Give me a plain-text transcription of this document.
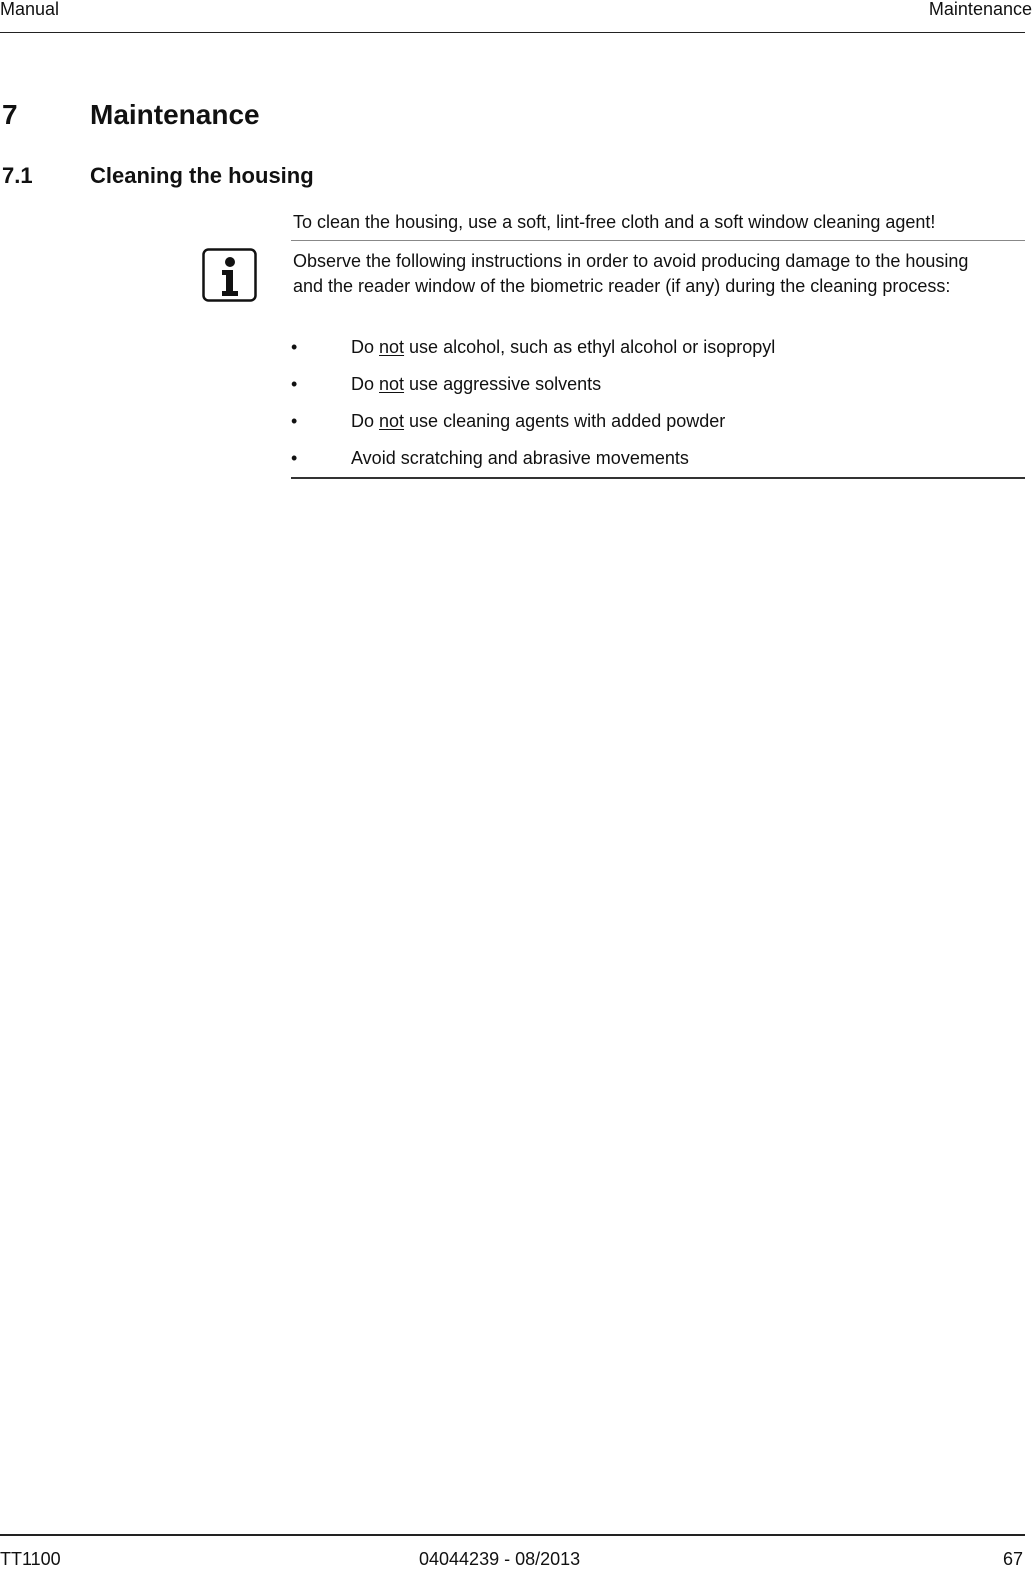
Manual	Maintenance
7	Maintenance
7.1	Cleaning the housing
To clean the housing, use a soft, lint-free cloth and a soft window cleaning agent!
Observe the following instructions in order to avoid producing damage to the housing and the reader window of the biometric reader (if any) during the cleaning process:
•	Do not use alcohol, such as ethyl alcohol or isopropyl
•	Do not use aggressive solvents
•	Do not use cleaning agents with added powder
•	Avoid scratching and abrasive movements
TT1100	04044239 - 08/2013	67
